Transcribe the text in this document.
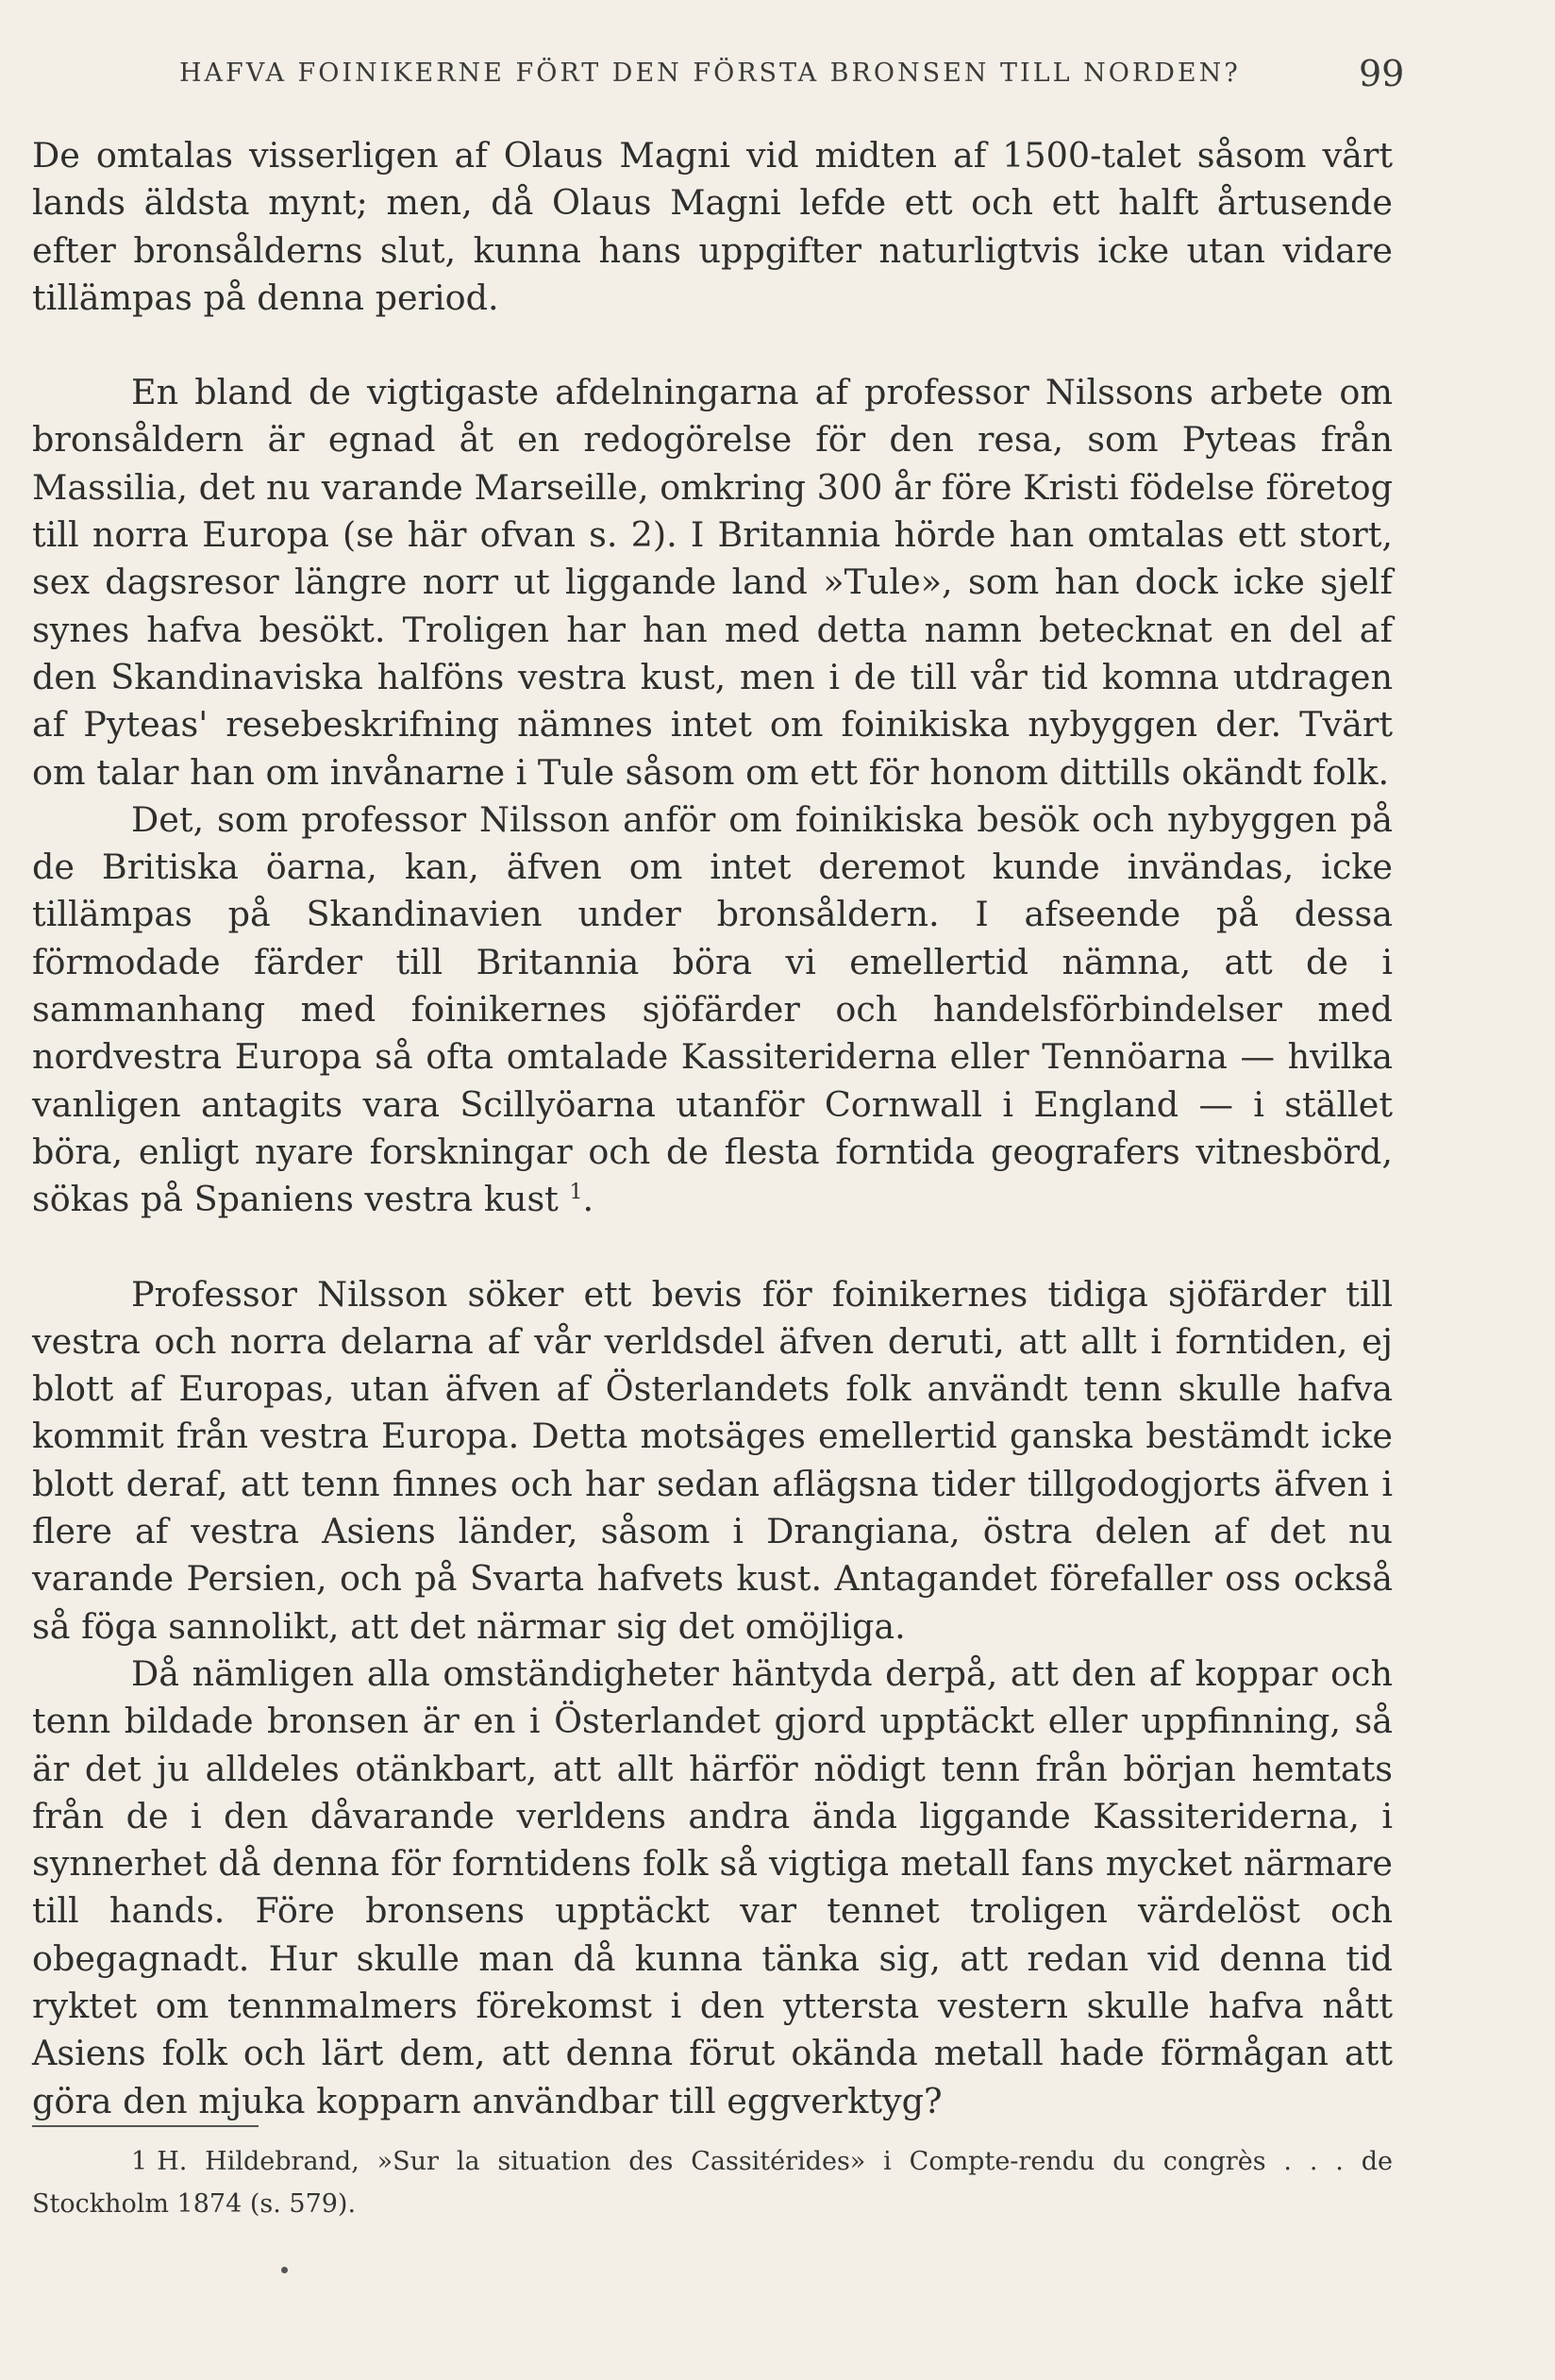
HAFVA FOINIKERNE FÖRT DEN FÖRSTA BRONSEN TILL NORDEN?	99

De omtalas visserligen af Olaus Magni vid midten af 1500-talet såsom vårt lands äldsta mynt; men, då Olaus Magni lefde ett och ett halft årtusende efter bronsålderns slut, kunna hans uppgifter naturligtvis icke utan vidare tillämpas på denna period.

En bland de vigtigaste afdelningarna af professor Nilssons arbete om bronsåldern är egnad åt en redogörelse för den resa, som Pyteas från Massilia, det nu varande Marseille, omkring 300 år före Kristi födelse företog till norra Europa (se här ofvan s. 2). I Britannia hörde han omtalas ett stort, sex dagsresor längre norr ut liggande land »Tule», som han dock icke sjelf synes hafva besökt. Troligen har han med detta namn betecknat en del af den Skandinaviska halföns vestra kust, men i de till vår tid komna utdragen af Pyteas' resebeskrifning nämnes intet om foinikiska nybyggen der. Tvärt om talar han om invånarne i Tule såsom om ett för honom dittills okändt folk.

Det, som professor Nilsson anför om foinikiska besök och nybyggen på de Britiska öarna, kan, äfven om intet deremot kunde invändas, icke tillämpas på Skandinavien under bronsåldern. I afseende på dessa förmodade färder till Britannia böra vi emellertid nämna, att de i sammanhang med foinikernes sjöfärder och handelsförbindelser med nordvestra Europa så ofta omtalade Kassiteriderna eller Tennöarna — hvilka vanligen antagits vara Scillyöarna utanför Cornwall i England — i stället böra, enligt nyare forskningar och de flesta forntida geografers vitnesbörd, sökas på Spaniens vestra kust $^1$.

Professor Nilsson söker ett bevis för foinikernes tidiga sjöfärder till vestra och norra delarna af vår verldsdel äfven deruti, att allt i forntiden, ej blott af Europas, utan äfven af Österlandets folk användt tenn skulle hafva kommit från vestra Europa. Detta motsäges emellertid ganska bestämdt icke blott deraf, att tenn finnes och har sedan aflägsna tider tillgodogjorts äfven i flere af vestra Asiens länder, såsom i Drangiana, östra delen af det nu varande Persien, och på Svarta hafvets kust. Antagandet förefaller oss också så föga sannolikt, att det närmar sig det omöjliga.

Då nämligen alla omständigheter häntyda derpå, att den af koppar och tenn bildade bronsen är en i Österlandet gjord upptäckt eller uppfinning, så är det ju alldeles otänkbart, att allt härför nödigt tenn från början hemtats från de i den dåvarande verldens andra ända liggande Kassiteriderna, i synnerhet då denna för forntidens folk så vigtiga metall fans mycket närmare till hands. Före bronsens upptäckt var tennet troligen värdelöst och obegagnadt. Hur skulle man då kunna tänka sig, att redan vid denna tid ryktet om tennmalmers förekomst i den yttersta vestern skulle hafva nått Asiens folk och lärt dem, att denna förut okända metall hade förmågan att göra den mjuka kopparn användbar till eggverktyg?

1 H. Hildebrand, »Sur la situation des Cassitérides» i Compte-rendu du congrès . . . de Stockholm 1874 (s. 579).
